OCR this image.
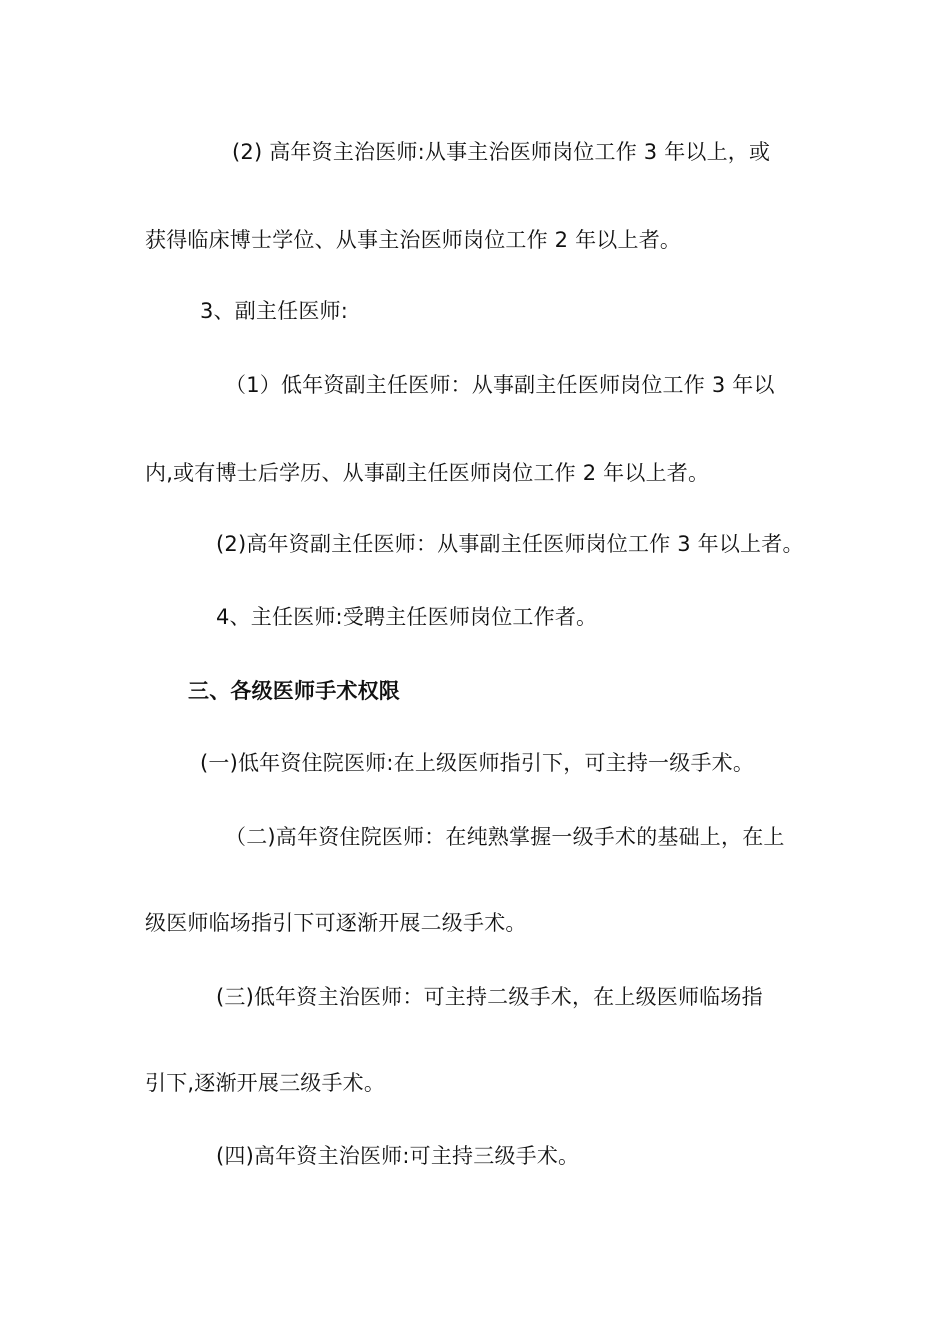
(2) 高年资主治医师:从事主治医师岗位工作 3 年以上，或
获得临床博士学位、从事主治医师岗位工作 2 年以上者。
3、副主任医师:
（1）低年资副主任医师：从事副主任医师岗位工作 3 年以
内,或有博士后学历、从事副主任医师岗位工作 2 年以上者。
(2)高年资副主任医师：从事副主任医师岗位工作 3 年以上者。
4、主任医师:受聘主任医师岗位工作者。
三、各级医师手术权限
(一)低年资住院医师:在上级医师指引下，可主持一级手术。
（二)高年资住院医师：在纯熟掌握一级手术的基础上，在上
级医师临场指引下可逐渐开展二级手术。
(三)低年资主治医师：可主持二级手术，在上级医师临场指
引下,逐渐开展三级手术。
(四)高年资主治医师:可主持三级手术。
